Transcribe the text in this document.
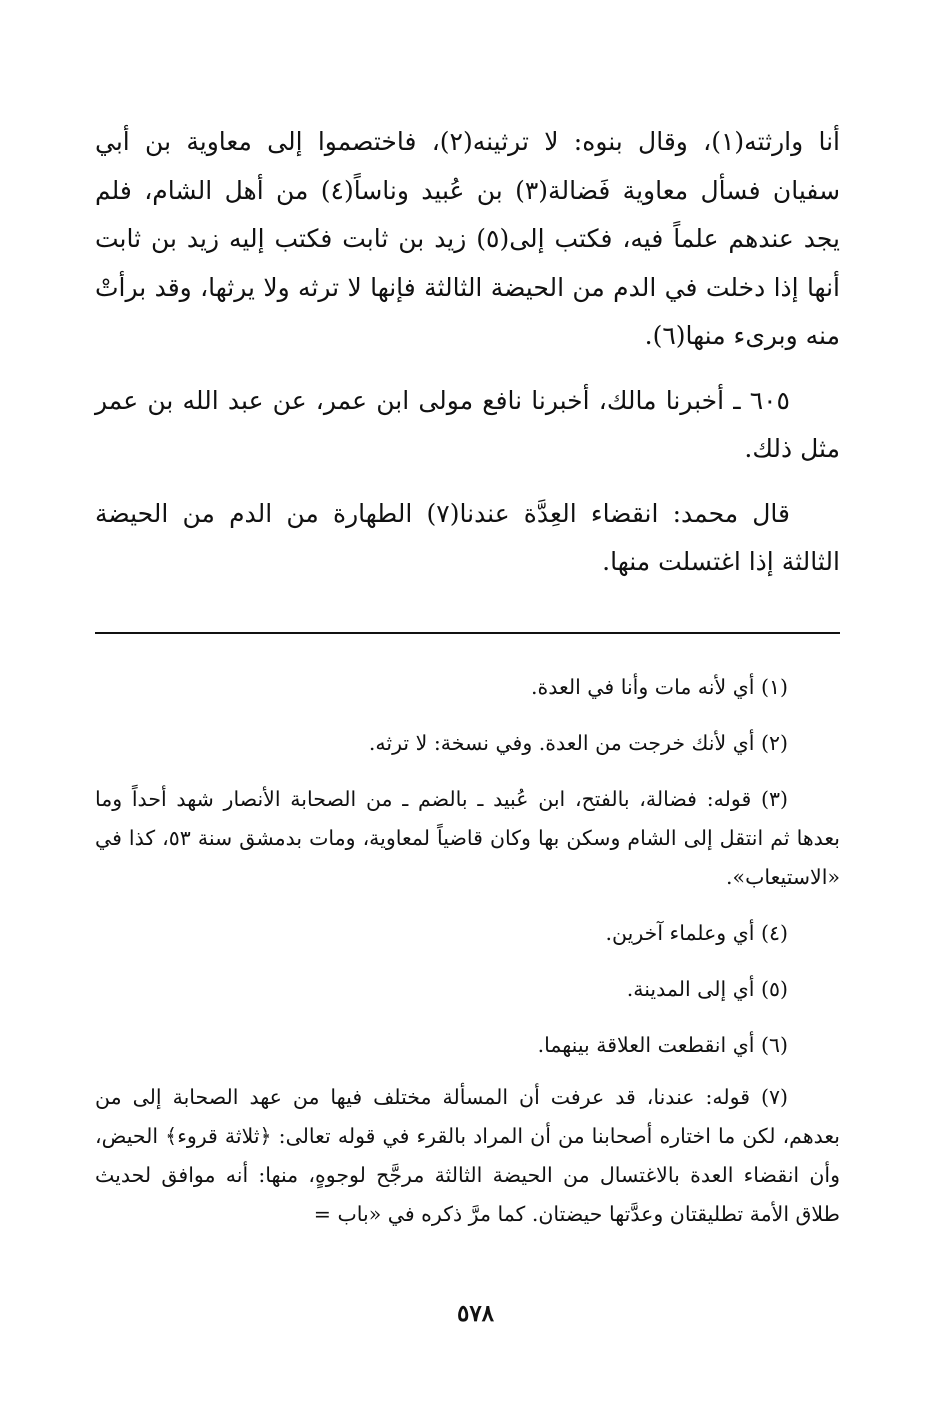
أنا وارثته(١)، وقال بنوه: لا ترثينه(٢)، فاختصموا إلى معاوية بن أبي سفيان فسأل معاوية فَضالة(٣) بن عُبيد وناساً(٤) من أهل الشام، فلم يجد عندهم علماً فيه، فكتب إلى(٥) زيد بن ثابت فكتب إليه زيد بن ثابت أنها إذا دخلت في الدم من الحيضة الثالثة فإنها لا ترثه ولا يرثها، وقد برأتْ منه وبرىء منها(٦).

٦٠٥ ـ أخبرنا مالك، أخبرنا نافع مولى ابن عمر، عن عبد الله بن عمر مثل ذلك.

قال محمد: انقضاء العِدَّة عندنا(٧) الطهارة من الدم من الحيضة الثالثة إذا اغتسلت منها.

(١) أي لأنه مات وأنا في العدة.

(٢) أي لأنك خرجت من العدة. وفي نسخة: لا ترثه.

(٣) قوله: فضالة، بالفتح، ابن عُبيد ـ بالضم ـ من الصحابة الأنصار شهد أحداً وما بعدها ثم انتقل إلى الشام وسكن بها وكان قاضياً لمعاوية، ومات بدمشق سنة ٥٣، كذا في «الاستيعاب».

(٤) أي وعلماء آخرين.

(٥) أي إلى المدينة.

(٦) أي انقطعت العلاقة بينهما.

(٧) قوله: عندنا، قد عرفت أن المسألة مختلف فيها من عهد الصحابة إلى من بعدهم، لكن ما اختاره أصحابنا من أن المراد بالقرء في قوله تعالى: ﴿ثلاثة قروء﴾ الحيض، وأن انقضاء العدة بالاغتسال من الحيضة الثالثة مرجَّح لوجوهٍ، منها: أنه موافق لحديث طلاق الأمة تطليقتان وعدَّتها حيضتان. كما مرَّ ذكره في «باب =

٥٧٨
